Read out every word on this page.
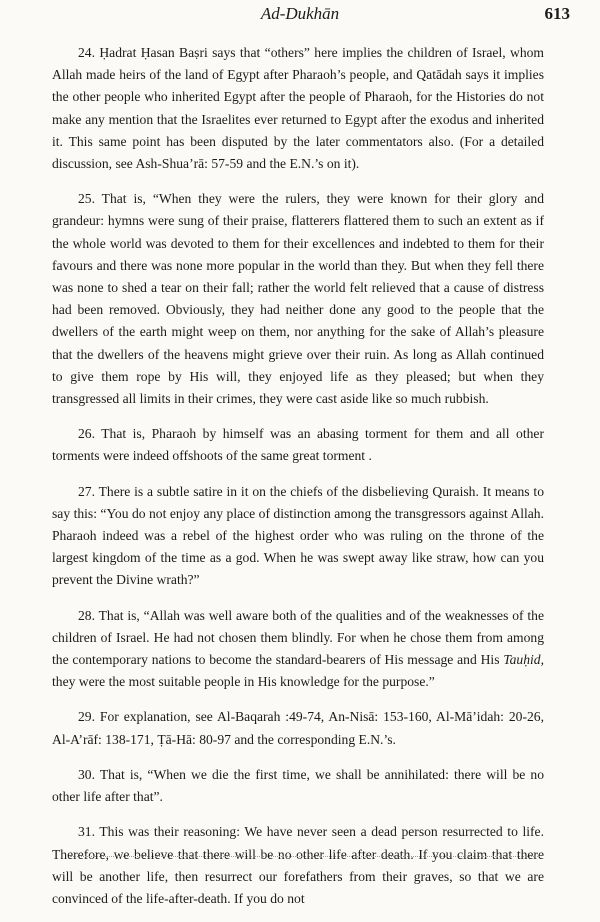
Ad-Dukhān	613

24. Ḥadrat Ḥasan Baṣri says that “others” here implies the children of Israel, whom Allah made heirs of the land of Egypt after Pharaoh’s people, and Qatādah says it implies the other people who inherited Egypt after the people of Pharaoh, for the Histories do not make any mention that the Israelites ever returned to Egypt after the exodus and inherited it. This same point has been disputed by the later commentators also. (For a detailed discussion, see Ash-Shua’rā: 57-59 and the E.N.’s on it).

25. That is, “When they were the rulers, they were known for their glory and grandeur: hymns were sung of their praise, flatterers flattered them to such an extent as if the whole world was devoted to them for their excellences and indebted to them for their favours and there was none more popular in the world than they. But when they fell there was none to shed a tear on their fall; rather the world felt relieved that a cause of distress had been removed. Obviously, they had neither done any good to the people that the dwellers of the earth might weep on them, nor anything for the sake of Allah’s pleasure that the dwellers of the heavens might grieve over their ruin. As long as Allah continued to give them rope by His will, they enjoyed life as they pleased; but when they transgressed all limits in their crimes, they were cast aside like so much rubbish.

26. That is, Pharaoh by himself was an abasing torment for them and all other torments were indeed offshoots of the same great torment .

27. There is a subtle satire in it on the chiefs of the disbelieving Quraish. It means to say this: “You do not enjoy any place of distinction among the transgressors against Allah. Pharaoh indeed was a rebel of the highest order who was ruling on the throne of the largest kingdom of the time as a god. When he was swept away like straw, how can you prevent the Divine wrath?”

28. That is, “Allah was well aware both of the qualities and of the weaknesses of the children of Israel. He had not chosen them blindly. For when he chose them from among the contemporary nations to become the standard-bearers of His message and His Tauḥid, they were the most suitable people in His knowledge for the purpose.”

29. For explanation, see Al-Baqarah :49-74, An-Nisā: 153-160, Al-Mā’idah: 20-26, Al-A’rāf: 138-171, Ṭā-Hā: 80-97 and the corresponding E.N.’s.

30. That is, “When we die the first time, we shall be annihilated: there will be no other life after that”.

31. This was their reasoning: We have never seen a dead person resurrected to life. Therefore, we believe that there will be no other life after death. If you claim that there will be another life, then resurrect our forefathers from their graves, so that we are convinced of the life-after-death. If you do not
